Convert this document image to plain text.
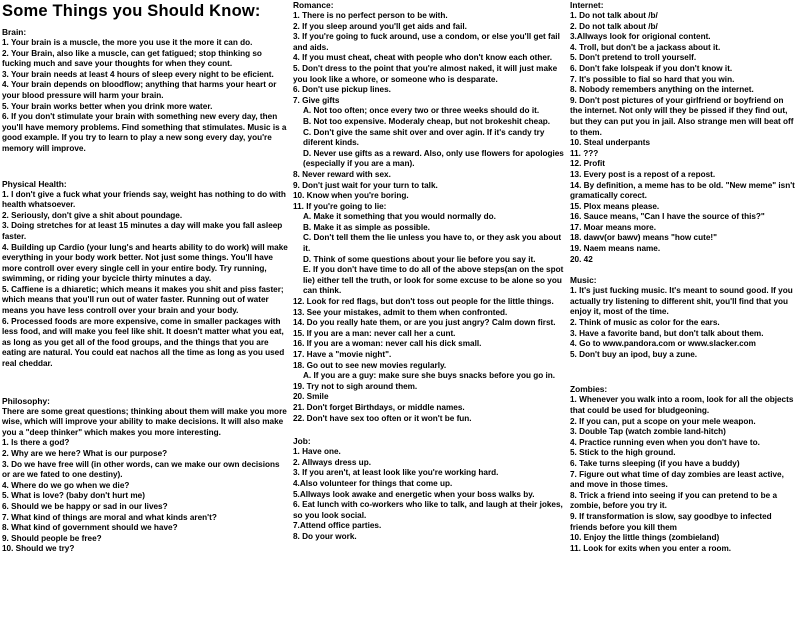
Some Things you Should Know:
Brain:
1. Your brain is a muscle, the more you use it the more it can do.
2. Your Brain, also like a muscle, can get fatigued; stop thinking so fucking much and save your thoughts for when they count.
3. Your brain needs at least 4 hours of sleep every night to be eficient.
4. Your brain depends on bloodflow; anything that harms your heart or your blood pressure will harm your brain.
5. Your brain works better when you drink more water.
6. If you don't stimulate your brain with something new every day, then you'll have memory problems. Find something that stimulates. Music is a good example. If you try to learn to play a new song every day, you're memory will improve.
Physical Health:
1. I don't give a fuck what your friends say, weight has nothing to do with health whatsoever.
2. Seriously, don't give a shit about poundage.
3. Doing stretches for at least 15 minutes a day will make you fall asleep faster.
4. Building up Cardio (your lung's and hearts ability to do work) will make everything in your body work better. Not just some things. You'll have more controll over every single cell in your entire body. Try running, swimming, or riding your bycicle thirty minutes a day.
5. Caffiene is a dhiaretic; which means it makes you shit and piss faster; which means that you'll run out of water faster. Running out of water means you have less controll over your brain and your body.
6. Processed foods are more expensive, come in smaller packages with less food, and will make you feel like shit. It doesn't matter what you eat, as long as you get all of the food groups, and the things that you are eating are natural. You could eat nachos all the time as long as you used real cheddar.
Philosophy:
There are some great questions; thinking about them will make you more wise, which will improve your ability to make decisions. It will also make you a "deep thinker" which makes you more interesting.
1. Is there a god?
2. Why are we here? What is our purpose?
3. Do we have free will (in other words, can we make our own decisions or are we fated to one destiny).
4. Where do we go when we die?
5. What is love? (baby don't hurt me)
6. Should we be happy or sad in our lives?
7. What kind of things are moral and what kinds aren't?
8. What kind of government should we have?
9. Should people be free?
10. Should we try?
Romance:
1. There is no perfect person to be with.
2. If you sleep around you'll get aids and fail.
3. If you're going to fuck around, use a condom, or else you'll get fail and aids.
4. If you must cheat, cheat with people who don't know each other.
5. Don't dress to the point that you're almost naked, it will just make you look like a whore, or someone who is desparate.
6. Don't use pickup lines.
7. Give gifts
A. Not too often; once every two or three weeks should do it.
B. Not too expensive. Moderaly cheap, but not brokeshit cheap.
C. Don't give the same shit over and over agin. If it's candy try diferent kinds.
D. Never use gifts as a reward. Also, only use flowers for apologies (especially if you are a man).
8. Never reward with sex.
9. Don't just wait for your turn to talk.
10. Know when you're boring.
11. If you're going to lie:
A. Make it something that you would normally do.
B. Make it as simple as possible.
C. Don't tell them the lie unless you have to, or they ask you about it.
D. Think of some questions about your lie before you say it.
E. If you don't have time to do all of the above steps(an on the spot lie) either tell the truth, or look for some excuse to be alone so you can think.
12. Look for red flags, but don't toss out people for the little things.
13. See your mistakes, admit to them when confronted.
14. Do you really hate them, or are you just angry? Calm down first.
15. If you are a man: never call her a cunt.
16. If you are a woman: never call his dick small.
17. Have a "movie night".
18. Go out to see new movies regularly.
A. If you are a guy: make sure she buys snacks before you go in.
19. Try not to sigh around them.
20. Smile
21. Don't forget Birthdays, or middle names.
22. Don't have sex too often or it won't be fun.
Job:
1. Have one.
2. Allways dress up.
3. If you aren't, at least look like you're working hard.
4.Also volunteer for things that come up.
5.Allways look awake and energetic when your boss walks by.
6. Eat lunch with co-workers who like to talk, and laugh at their jokes, so you look social.
7.Attend office parties.
8. Do your work.
Internet:
1. Do not talk about /b/
2. Do not talk about /b/
3.Allways look for origional content.
4. Troll, but don't be a jackass about it.
5. Don't pretend to troll yourself.
6. Don't fake lolspeak if you don't know it.
7. It's possible to fial so hard that you win.
8. Nobody remembers anything on the internet.
9. Don't post pictures of your girlfriend or boyfriend on the internet. Not only will they be pissed if they find out, but they can put you in jail. Also strange men will beat off to them.
10. Steal underpants
11. ???
12. Profit
13. Every post is a repost of a repost.
14. By definition, a meme has to be old. "New meme" isn't gramatically corect.
15. Plox means please.
16. Sauce means, "Can I have the source of this?"
17. Moar means more.
18. dawv(or bawv) means "how cute!"
19. Naem means name.
20. 42
Music:
1. It's just fucking music. It's meant to sound good. If you actually try listening to different shit, you'll find that you enjoy it, most of the time.
2. Think of music as color for the ears.
3. Have a favorite band, but don't talk about them.
4. Go to www.pandora.com or www.slacker.com
5. Don't buy an ipod, buy a zune.
Zombies:
1. Whenever you walk into a room, look for all the objects that could be used for bludgeoning.
2. If you can, put a scope on your mele weapon.
3. Double Tap (watch zombie land-hitch)
4. Practice running even when you don't have to.
5. Stick to the high ground.
6. Take turns sleeping (if you have a buddy)
7. Figure out what time of day zombies are least active, and move in those times.
8. Trick a friend into seeing if you can pretend to be a zombie, before you try it.
9. If transformation is slow, say goodbye to infected friends before you kill them
10. Enjoy the little things (zombieland)
11. Look for exits when you enter a room.
